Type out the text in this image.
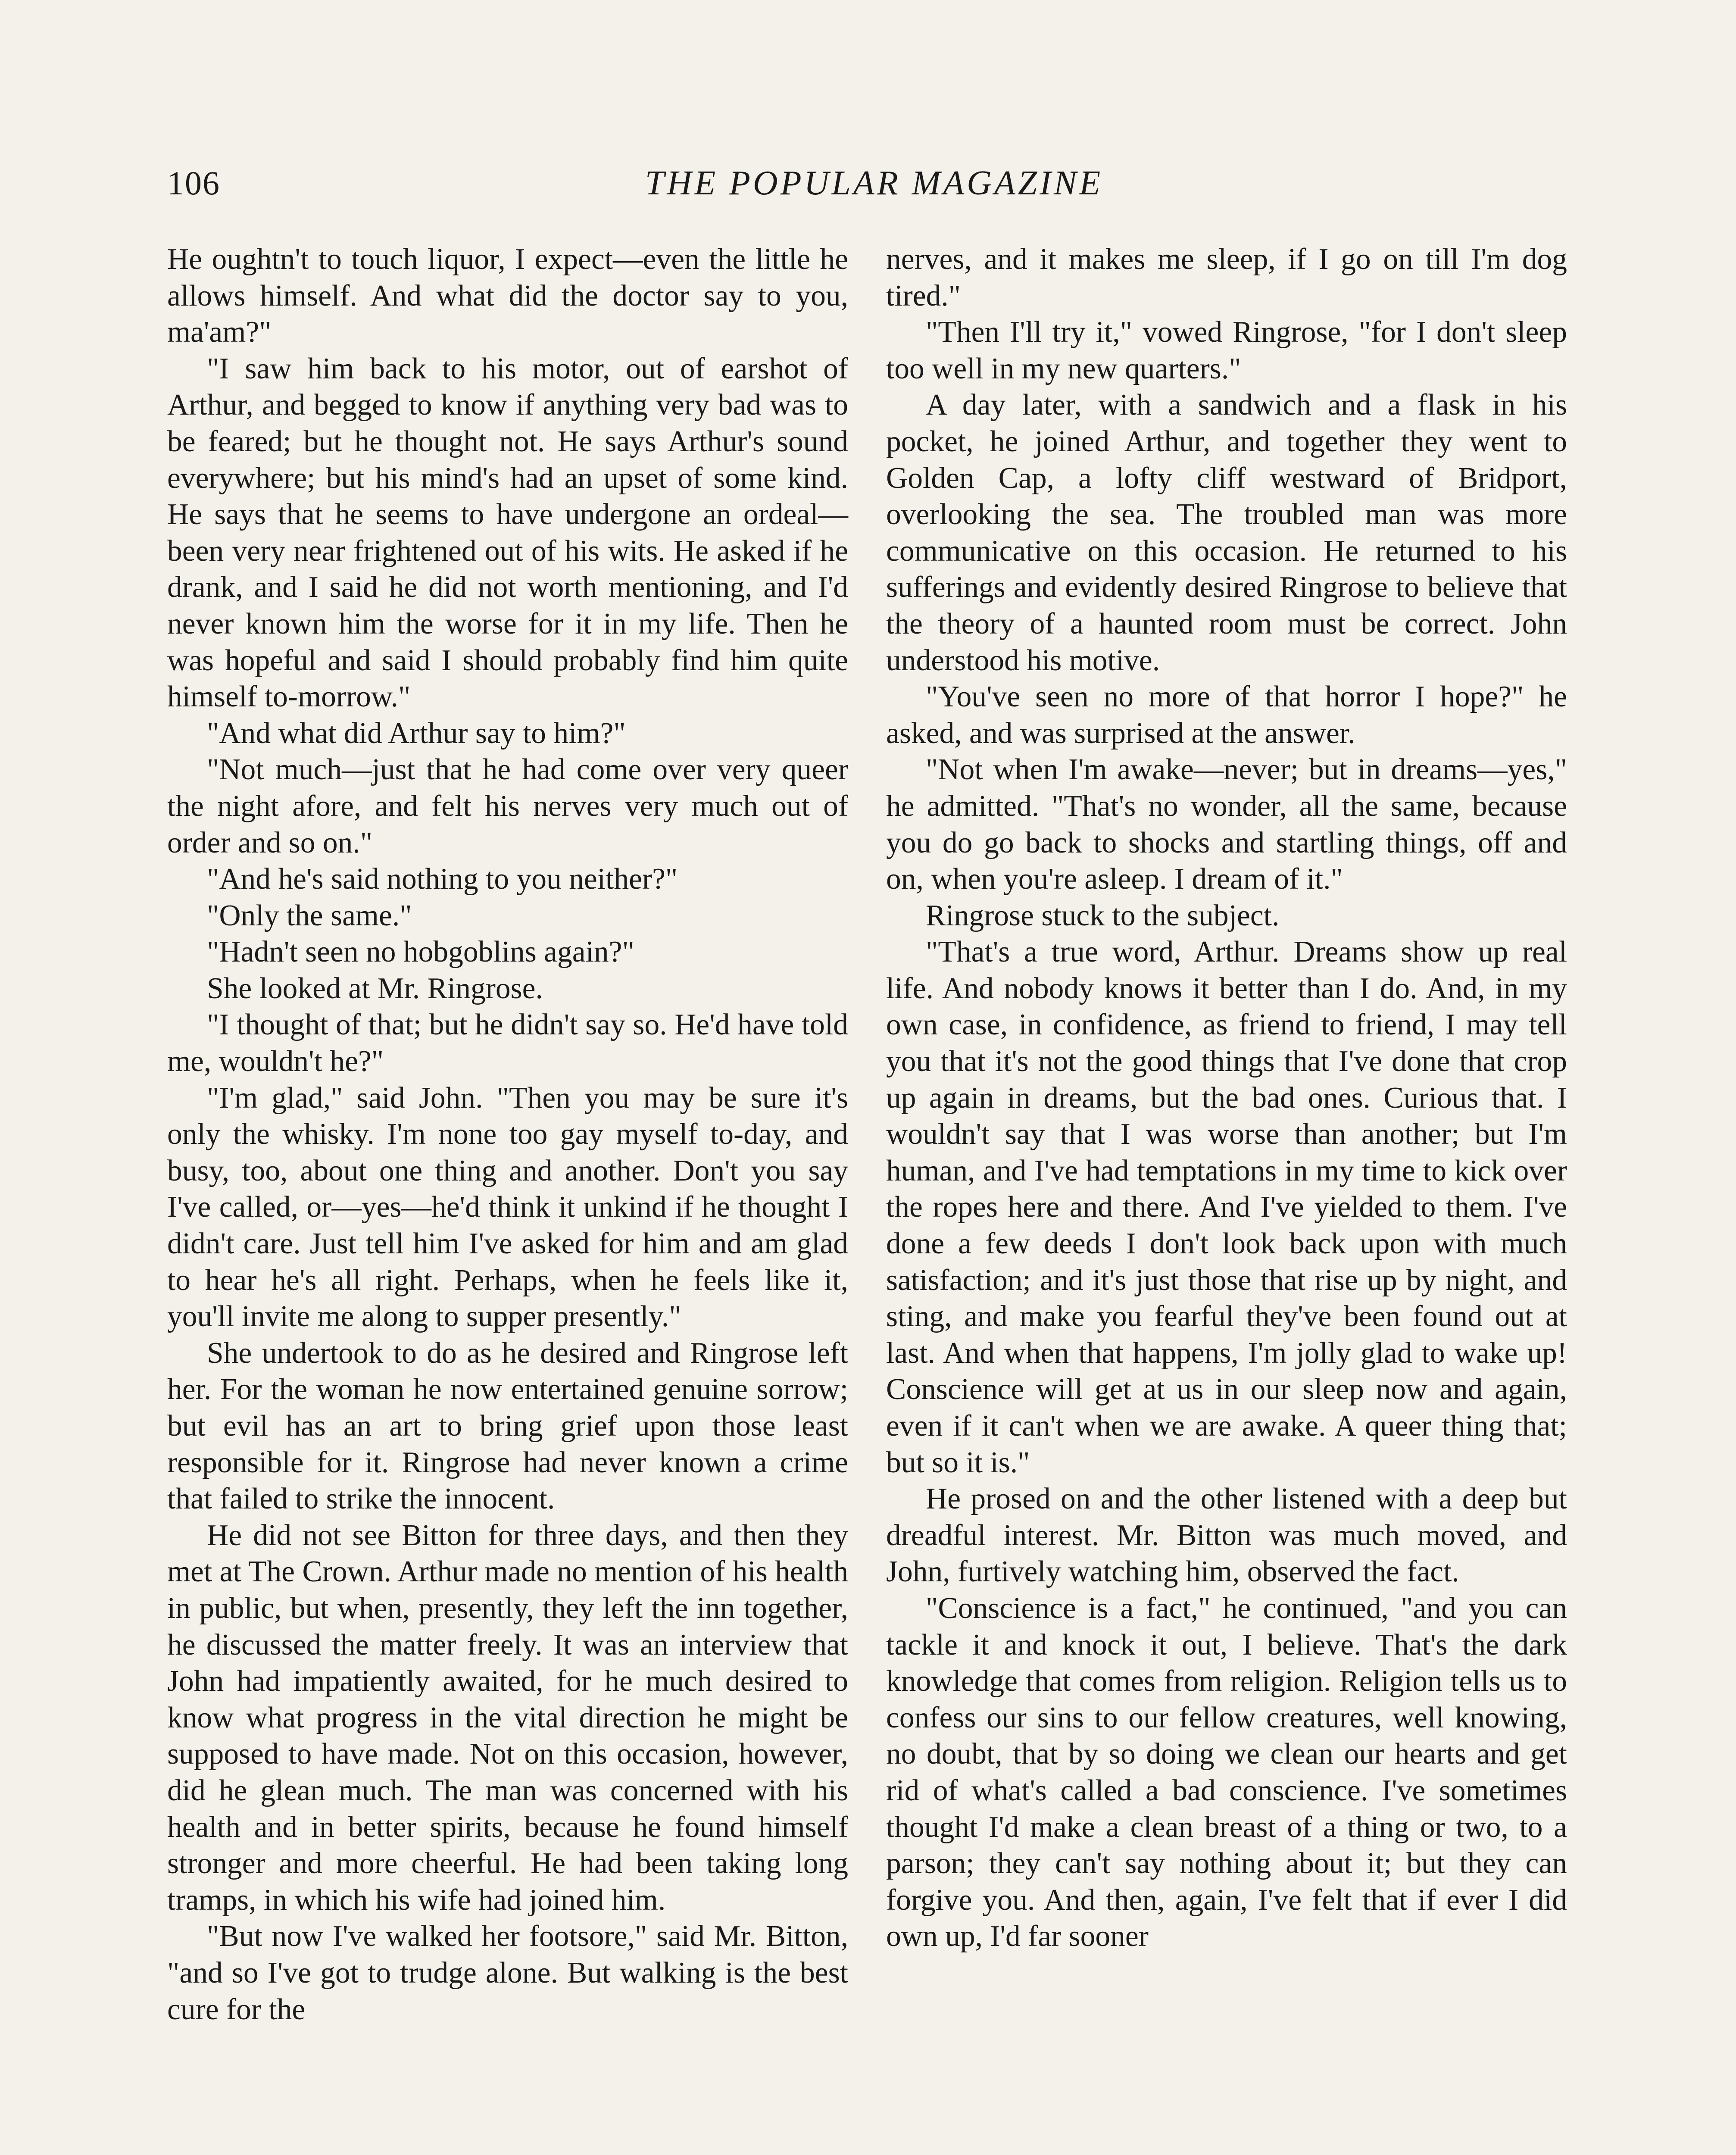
106	THE POPULAR MAGAZINE

He oughtn't to touch liquor, I expect—even the little he allows himself. And what did the doctor say to you, ma'am?"

"I saw him back to his motor, out of earshot of Arthur, and begged to know if anything very bad was to be feared; but he thought not. He says Arthur's sound everywhere; but his mind's had an upset of some kind. He says that he seems to have undergone an ordeal—been very near frightened out of his wits. He asked if he drank, and I said he did not worth mentioning, and I'd never known him the worse for it in my life. Then he was hopeful and said I should probably find him quite himself to-morrow."

"And what did Arthur say to him?"

"Not much—just that he had come over very queer the night afore, and felt his nerves very much out of order and so on."

"And he's said nothing to you neither?"

"Only the same."

"Hadn't seen no hobgoblins again?"

She looked at Mr. Ringrose.

"I thought of that; but he didn't say so. He'd have told me, wouldn't he?"

"I'm glad," said John. "Then you may be sure it's only the whisky. I'm none too gay myself to-day, and busy, too, about one thing and another. Don't you say I've called, or—yes—he'd think it unkind if he thought I didn't care. Just tell him I've asked for him and am glad to hear he's all right. Perhaps, when he feels like it, you'll invite me along to supper presently."

She undertook to do as he desired and Ringrose left her. For the woman he now entertained genuine sorrow; but evil has an art to bring grief upon those least responsible for it. Ringrose had never known a crime that failed to strike the innocent.

He did not see Bitton for three days, and then they met at The Crown. Arthur made no mention of his health in public, but when, presently, they left the inn together, he discussed the matter freely. It was an interview that John had impatiently awaited, for he much desired to know what progress in the vital direction he might be supposed to have made. Not on this occasion, however, did he glean much. The man was concerned with his health and in better spirits, because he found himself stronger and more cheerful. He had been taking long tramps, in which his wife had joined him.

"But now I've walked her footsore," said Mr. Bitton, "and so I've got to trudge alone. But walking is the best cure for the

nerves, and it makes me sleep, if I go on till I'm dog tired."

"Then I'll try it," vowed Ringrose, "for I don't sleep too well in my new quarters."

A day later, with a sandwich and a flask in his pocket, he joined Arthur, and together they went to Golden Cap, a lofty cliff westward of Bridport, overlooking the sea. The troubled man was more communicative on this occasion. He returned to his sufferings and evidently desired Ringrose to believe that the theory of a haunted room must be correct. John understood his motive.

"You've seen no more of that horror I hope?" he asked, and was surprised at the answer.

"Not when I'm awake—never; but in dreams—yes," he admitted. "That's no wonder, all the same, because you do go back to shocks and startling things, off and on, when you're asleep. I dream of it."

Ringrose stuck to the subject.

"That's a true word, Arthur. Dreams show up real life. And nobody knows it better than I do. And, in my own case, in confidence, as friend to friend, I may tell you that it's not the good things that I've done that crop up again in dreams, but the bad ones. Curious that. I wouldn't say that I was worse than another; but I'm human, and I've had temptations in my time to kick over the ropes here and there. And I've yielded to them. I've done a few deeds I don't look back upon with much satisfaction; and it's just those that rise up by night, and sting, and make you fearful they've been found out at last. And when that happens, I'm jolly glad to wake up! Conscience will get at us in our sleep now and again, even if it can't when we are awake. A queer thing that; but so it is."

He prosed on and the other listened with a deep but dreadful interest. Mr. Bitton was much moved, and John, furtively watching him, observed the fact.

"Conscience is a fact," he continued, "and you can tackle it and knock it out, I believe. That's the dark knowledge that comes from religion. Religion tells us to confess our sins to our fellow creatures, well knowing, no doubt, that by so doing we clean our hearts and get rid of what's called a bad conscience. I've sometimes thought I'd make a clean breast of a thing or two, to a parson; they can't say nothing about it; but they can forgive you. And then, again, I've felt that if ever I did own up, I'd far sooner
